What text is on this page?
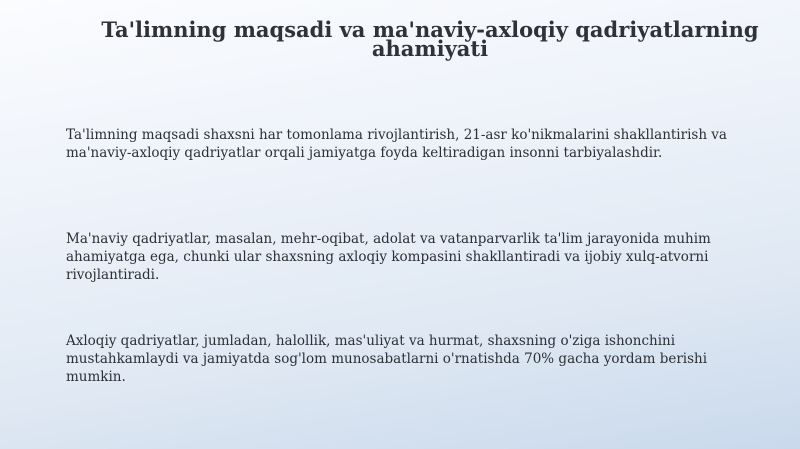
Ta'limning maqsadi va ma'naviy-axloqiy qadriyatlarning ahamiyati

Ta'limning maqsadi shaxsni har tomonlama rivojlantirish, 21-asr ko'nikmalarini shakllantirish va ma'naviy-axloqiy qadriyatlar orqali jamiyatga foyda keltiradigan insonni tarbiyalashdir.

Ma'naviy qadriyatlar, masalan, mehr-oqibat, adolat va vatanparvarlik ta'lim jarayonida muhim ahamiyatga ega, chunki ular shaxsning axloqiy kompasini shakllantiradi va ijobiy xulq-atvorni rivojlantiradi.

Axloqiy qadriyatlar, jumladan, halollik, mas'uliyat va hurmat, shaxsning o'ziga ishonchini mustahkamlaydi va jamiyatda sog'lom munosabatlarni o'rnatishda 70% gacha yordam berishi mumkin.
